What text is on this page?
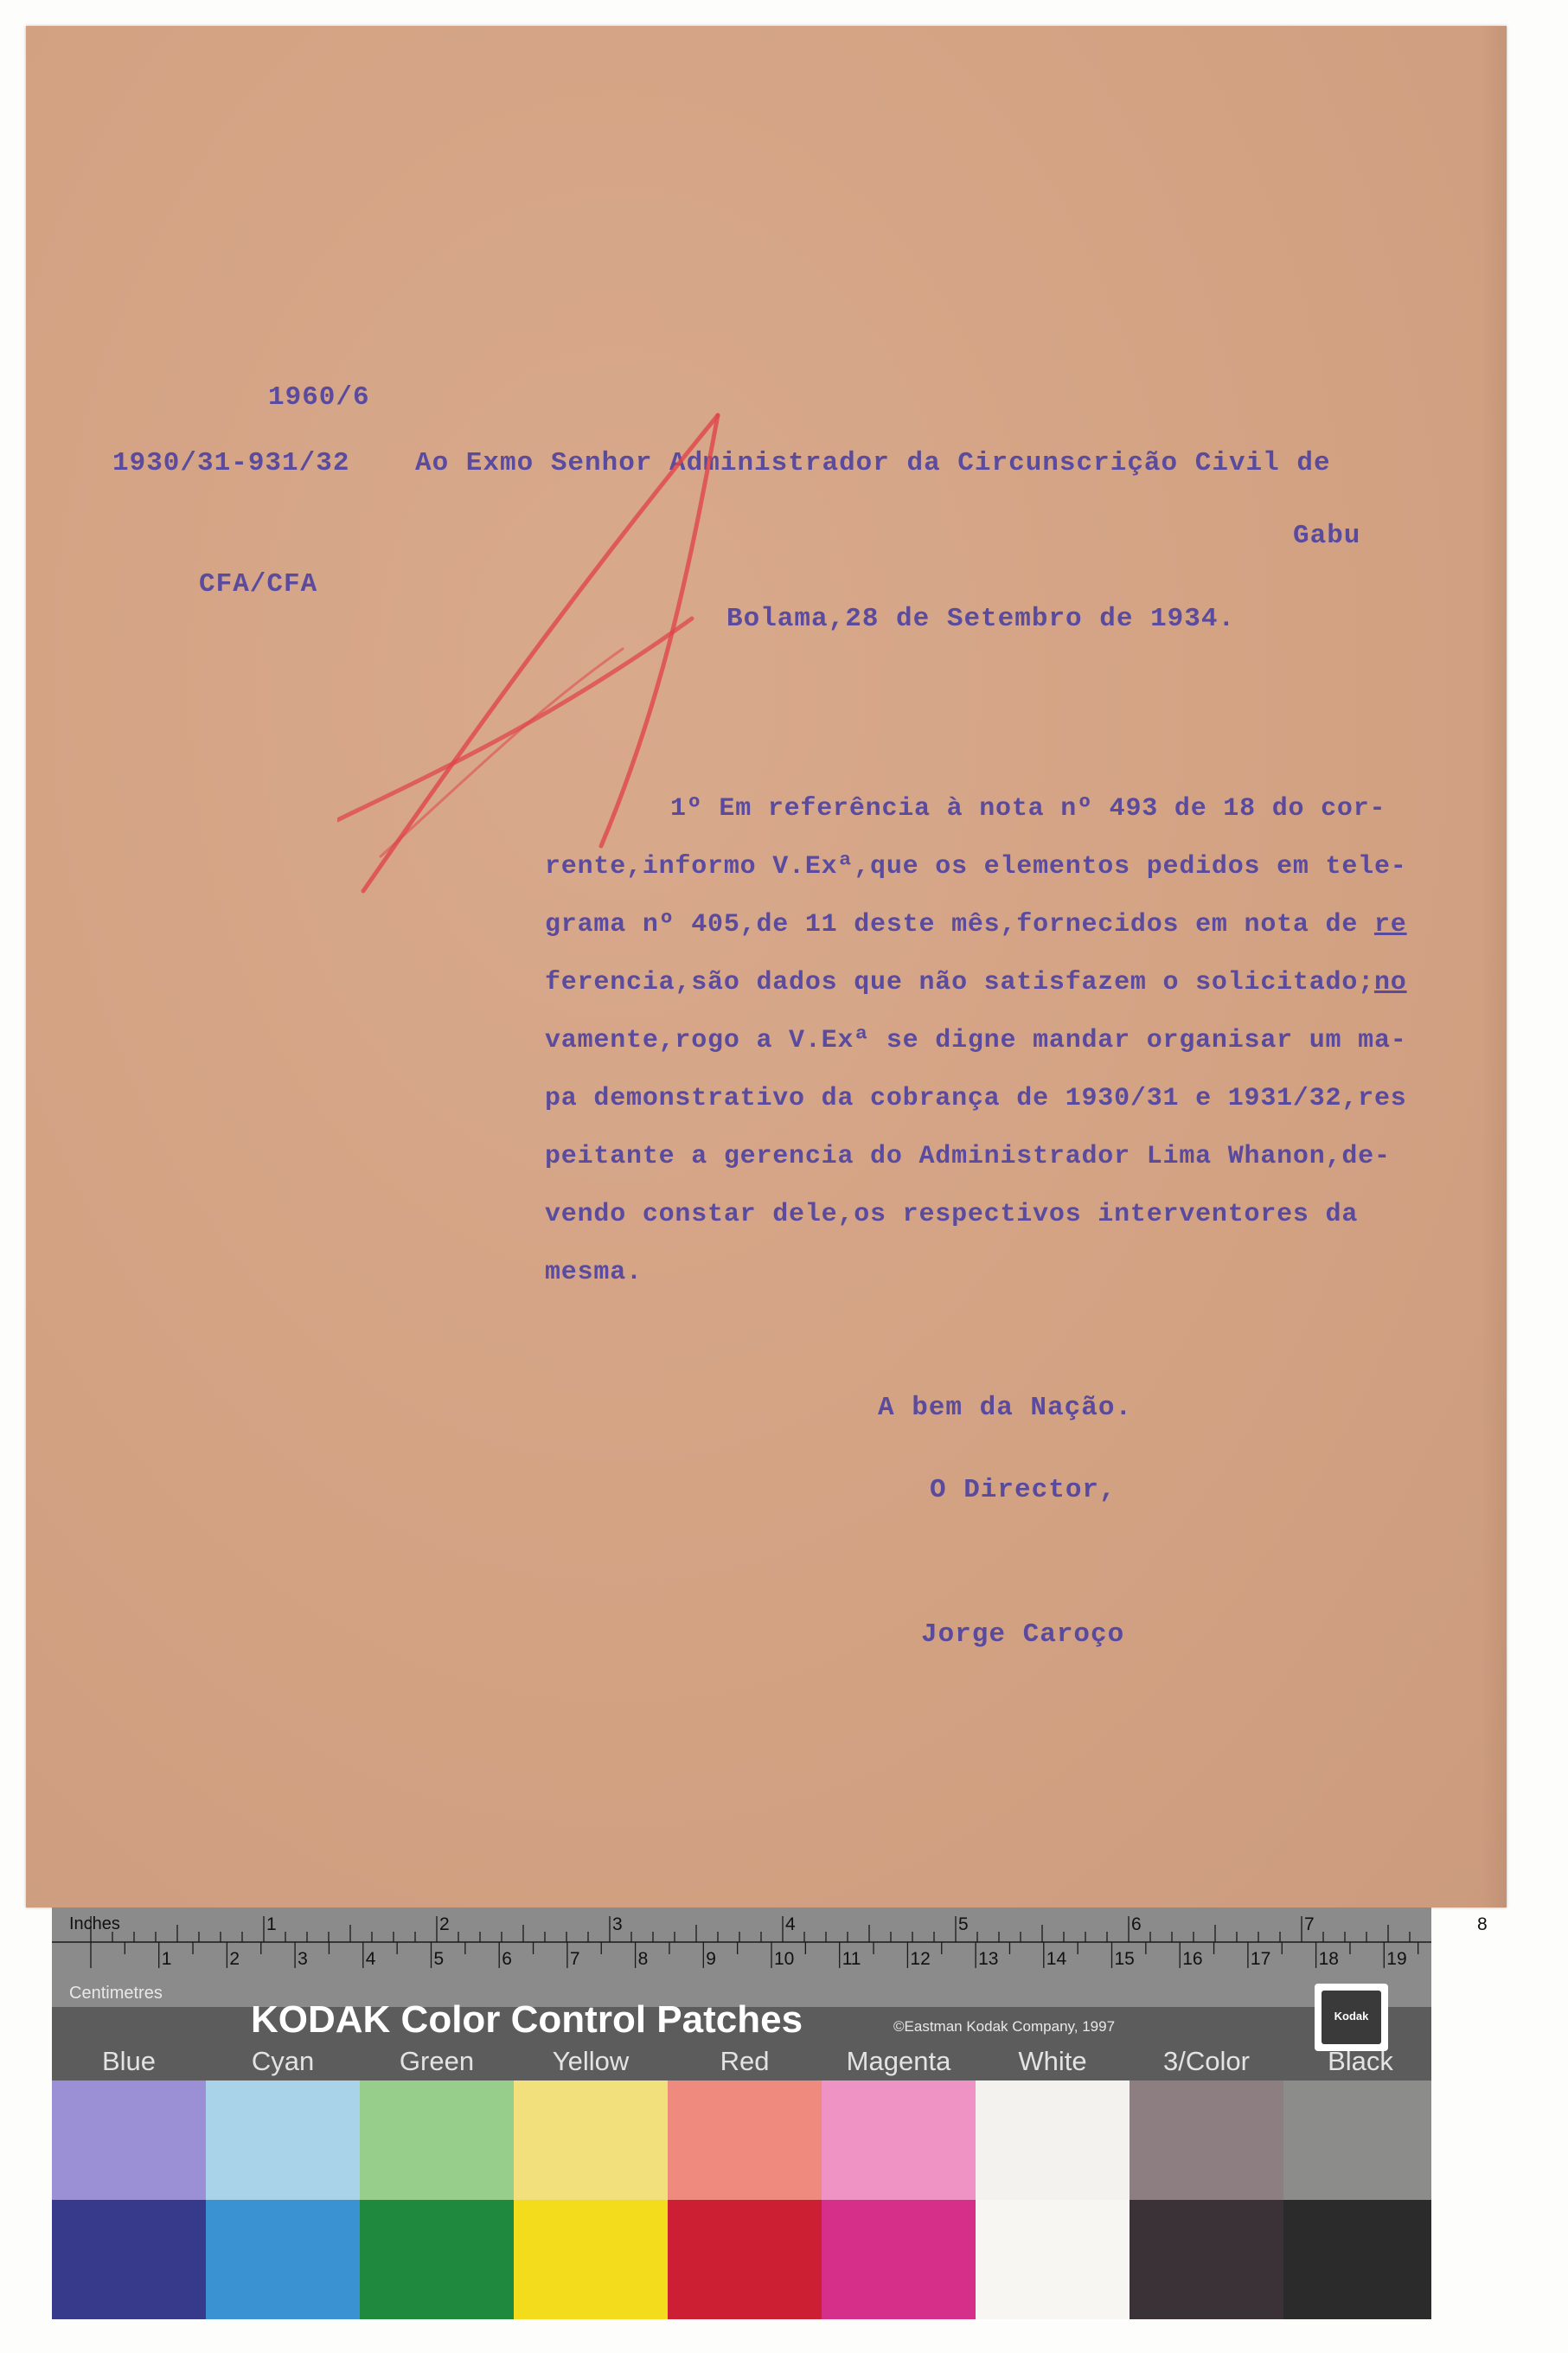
1960/6
1930/31-931/32 Ao Exmo Senhor Administrador da Circunscrição Civil de
Gabu
CFA/CFA
Bolama,28 de Setembro de 1934.
1º Em referência à nota nº 493 de 18 do cor-
rente,informo V.Exª,que os elementos pedidos em tele-
grama nº 405,de 11 deste mês,fornecidos em nota de re
ferencia,são dados que não satisfazem o solicitado;no
vamente,rogo a V.Exª se digne mandar organisar um ma-
pa demonstrativo da cobrança de 1930/31 e 1931/32,res
peitante a gerencia do Administrador Lima Whanon,de-
vendo constar dele,os respectivos interventores da
mesma.
A bem da Nação.
O Director,
Jorge Caroço
Inches
Centimetres
1	2	3	4	5	6	7	8
1	2	3	4	5	6	7	8	9	10	11	12	13	14	15	16	17	18	19
KODAK Color Control Patches	©Eastman Kodak Company, 1997
Kodak
Blue	Cyan	Green	Yellow	Red	Magenta	White	3/Color	Black
